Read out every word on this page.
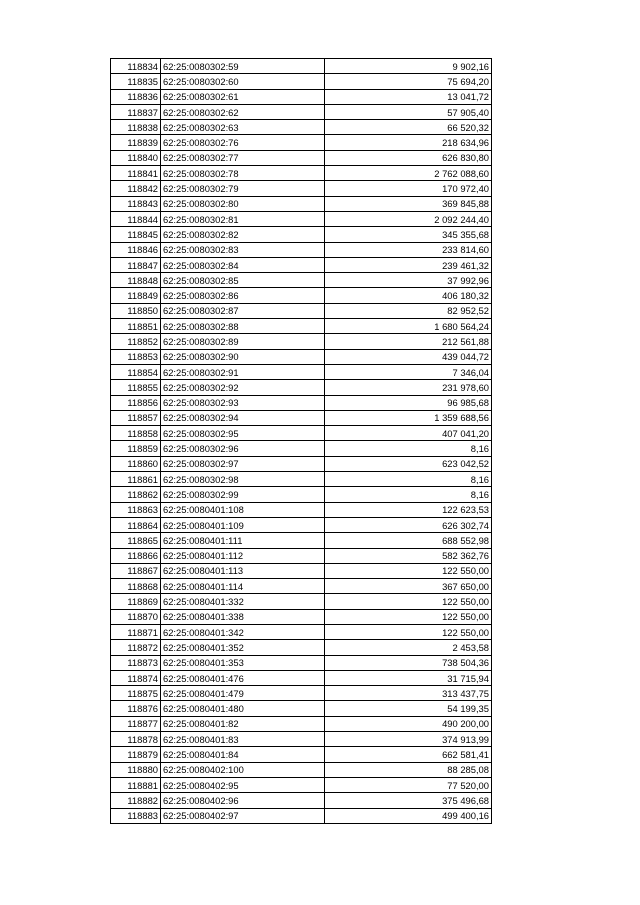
118834	62:25:0080302:59	9 902,16
118835	62:25:0080302:60	75 694,20
118836	62:25:0080302:61	13 041,72
118837	62:25:0080302:62	57 905,40
118838	62:25:0080302:63	66 520,32
118839	62:25:0080302:76	218 634,96
118840	62:25:0080302:77	626 830,80
118841	62:25:0080302:78	2 762 088,60
118842	62:25:0080302:79	170 972,40
118843	62:25:0080302:80	369 845,88
118844	62:25:0080302:81	2 092 244,40
118845	62:25:0080302:82	345 355,68
118846	62:25:0080302:83	233 814,60
118847	62:25:0080302:84	239 461,32
118848	62:25:0080302:85	37 992,96
118849	62:25:0080302:86	406 180,32
118850	62:25:0080302:87	82 952,52
118851	62:25:0080302:88	1 680 564,24
118852	62:25:0080302:89	212 561,88
118853	62:25:0080302:90	439 044,72
118854	62:25:0080302:91	7 346,04
118855	62:25:0080302:92	231 978,60
118856	62:25:0080302:93	96 985,68
118857	62:25:0080302:94	1 359 688,56
118858	62:25:0080302:95	407 041,20
118859	62:25:0080302:96	8,16
118860	62:25:0080302:97	623 042,52
118861	62:25:0080302:98	8,16
118862	62:25:0080302:99	8,16
118863	62:25:0080401:108	122 623,53
118864	62:25:0080401:109	626 302,74
118865	62:25:0080401:111	688 552,98
118866	62:25:0080401:112	582 362,76
118867	62:25:0080401:113	122 550,00
118868	62:25:0080401:114	367 650,00
118869	62:25:0080401:332	122 550,00
118870	62:25:0080401:338	122 550,00
118871	62:25:0080401:342	122 550,00
118872	62:25:0080401:352	2 453,58
118873	62:25:0080401:353	738 504,36
118874	62:25:0080401:476	31 715,94
118875	62:25:0080401:479	313 437,75
118876	62:25:0080401:480	54 199,35
118877	62:25:0080401:82	490 200,00
118878	62:25:0080401:83	374 913,99
118879	62:25:0080401:84	662 581,41
118880	62:25:0080402:100	88 285,08
118881	62:25:0080402:95	77 520,00
118882	62:25:0080402:96	375 496,68
118883	62:25:0080402:97	499 400,16
